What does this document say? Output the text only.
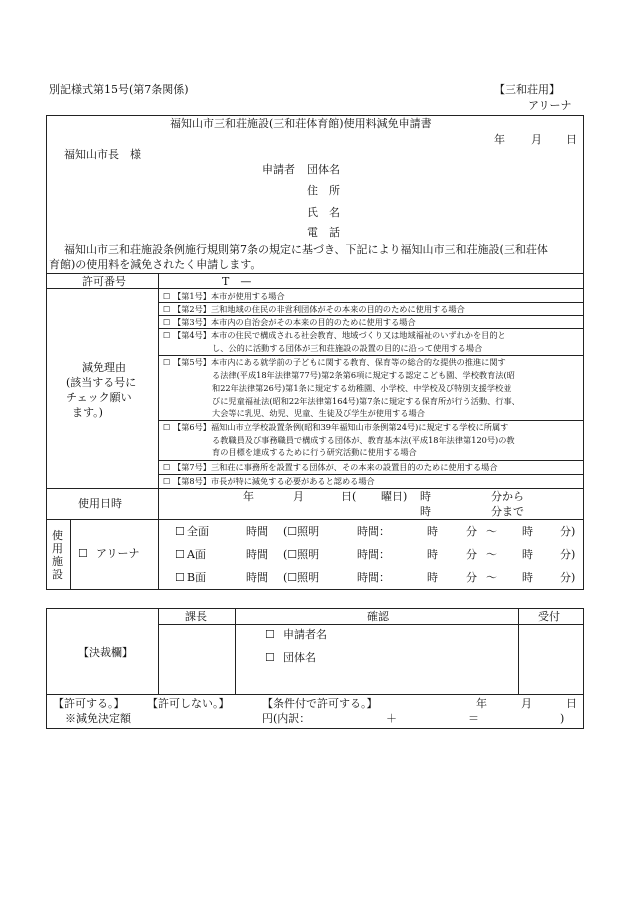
別記様式第15号(第7条関係)	【三和荘用】
アリーナ
福知山市三和荘施設(三和荘体育館)使用料減免申請書
年 月 日
福知山市長　様
申請者 団体名
住　所
氏　名
電　話
福知山市三和荘施設条例施行規則第7条の規定に基づき、下記により福知山市三和荘施設(三和荘体
育館)の使用料を減免されたく申請します。
許可番号	T　—
減免理由
(該当する号に
チェック願い
ます。)
☐
【第1号】本市が使用する場合
☐
【第2号】三和地域の住民の非営利団体がその本来の目的のために使用する場合
☐
【第3号】本市内の自治会がその本来の目的のために使用する場合
☐
【第4号】本市の住民で構成される社会教育、地域づくり又は地域福祉のいずれかを目的と
し、公的に活動する団体が三和荘施設の設置の目的に沿って使用する場合
☐
【第5号】本市内にある就学前の子どもに関する教育、保育等の総合的な提供の推進に関す
る法律(平成18年法律第77号)第2条第6項に規定する認定こども園、学校教育法(昭
和22年法律第26号)第1条に規定する幼稚園、小学校、中学校及び特別支援学校並
びに児童福祉法(昭和22年法律第164号)第7条に規定する保育所が行う活動、行事、
大会等に乳児、幼児、児童、生徒及び学生が使用する場合
☐
【第6号】福知山市立学校設置条例(昭和39年福知山市条例第24号)に規定する学校に所属す
る教職員及び事務職員で構成する団体が、教育基本法(平成18年法律第120号)の教
育の目標を達成するために行う研究活動に使用する場合
☐
【第7号】三和荘に事務所を設置する団体が、その本来の設置目的のために使用する場合
☐
【第8号】市長が特に減免する必要があると認める場合
使用日時
年	月	日( 曜日) 時	分から
時	分まで
使
用
施
設
☐
アリーナ
☐
全面	時間 (☐照明	時間：	時	分 ～ 時 分)
☐
A面	時間 (☐照明	時間：	時	分 ～ 時 分)
☐
B面	時間 (☐照明	時間：	時	分 ～ 時 分)
【決裁欄】
課長	確認	受付
☐
申請者名
☐
団体名
【許可する。】 【許可しない。】	【条件付で許可する。】	年	月	日
※減免決定額	円(内訳：	＋	＝	)
